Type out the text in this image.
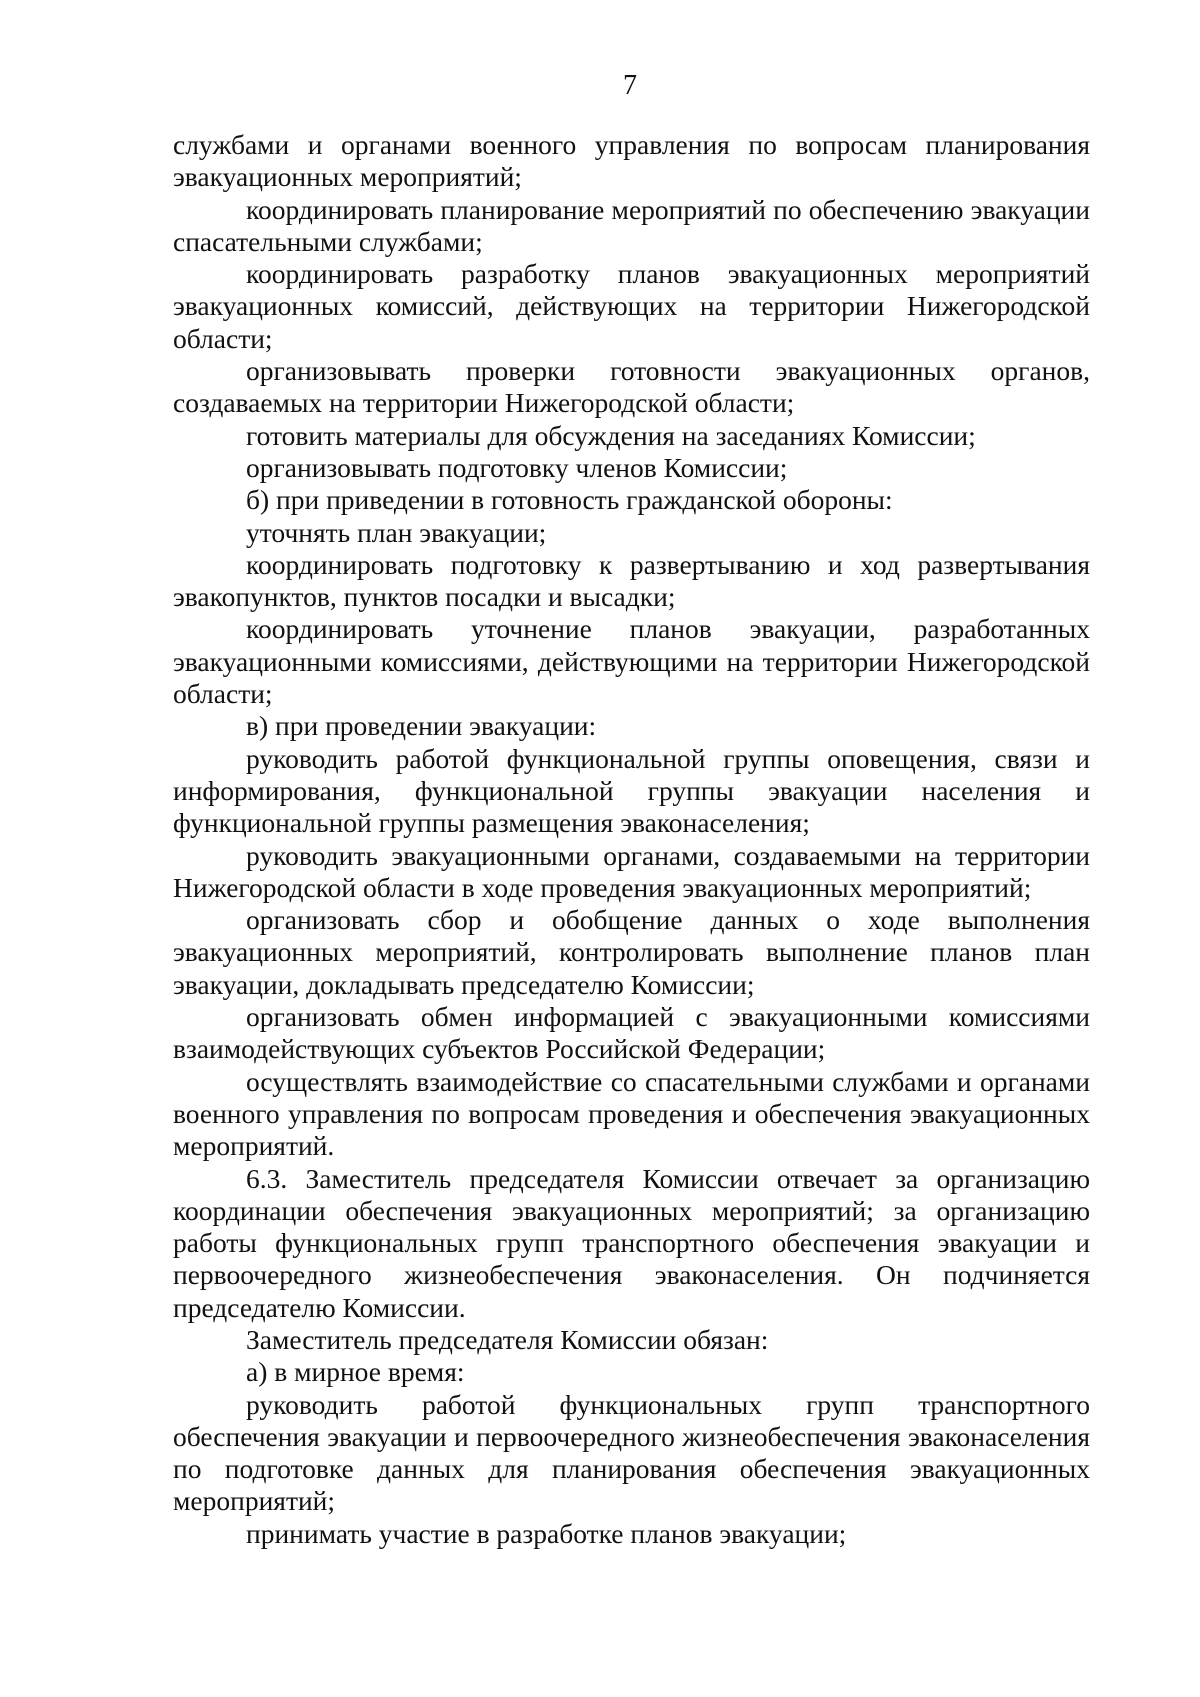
7

службами и органами военного управления по вопросам планирования эвакуационных мероприятий;

координировать планирование мероприятий по обеспечению эвакуации спасательными службами;

координировать разработку планов эвакуационных мероприятий эвакуационных комиссий, действующих на территории Нижегородской области;

организовывать проверки готовности эвакуационных органов, создаваемых на территории Нижегородской области;

готовить материалы для обсуждения на заседаниях Комиссии;

организовывать подготовку членов Комиссии;

б) при приведении в готовность гражданской обороны:

уточнять план эвакуации;

координировать подготовку к развертыванию и ход развертывания эвакопунктов, пунктов посадки и высадки;

координировать уточнение планов эвакуации, разработанных эвакуационными комиссиями, действующими на территории Нижегородской области;

в) при проведении эвакуации:

руководить работой функциональной группы оповещения, связи и информирования, функциональной группы эвакуации населения и функциональной группы размещения эваконаселения;

руководить эвакуационными органами, создаваемыми на территории Нижегородской области в ходе проведения эвакуационных мероприятий;

организовать сбор и обобщение данных о ходе выполнения эвакуационных мероприятий, контролировать выполнение планов план эвакуации, докладывать председателю Комиссии;

организовать обмен информацией с эвакуационными комиссиями взаимодействующих субъектов Российской Федерации;

осуществлять взаимодействие со спасательными службами и органами военного управления по вопросам проведения и обеспечения эвакуационных мероприятий.

6.3. Заместитель председателя Комиссии отвечает за организацию координации обеспечения эвакуационных мероприятий; за организацию работы функциональных групп транспортного обеспечения эвакуации и первоочередного жизнеобеспечения эваконаселения. Он подчиняется председателю Комиссии.

Заместитель председателя Комиссии обязан:

а) в мирное время:

руководить работой функциональных групп транспортного обеспечения эвакуации и первоочередного жизнеобеспечения эваконаселения по подготовке данных для планирования обеспечения эвакуационных мероприятий;

принимать участие в разработке планов эвакуации;
